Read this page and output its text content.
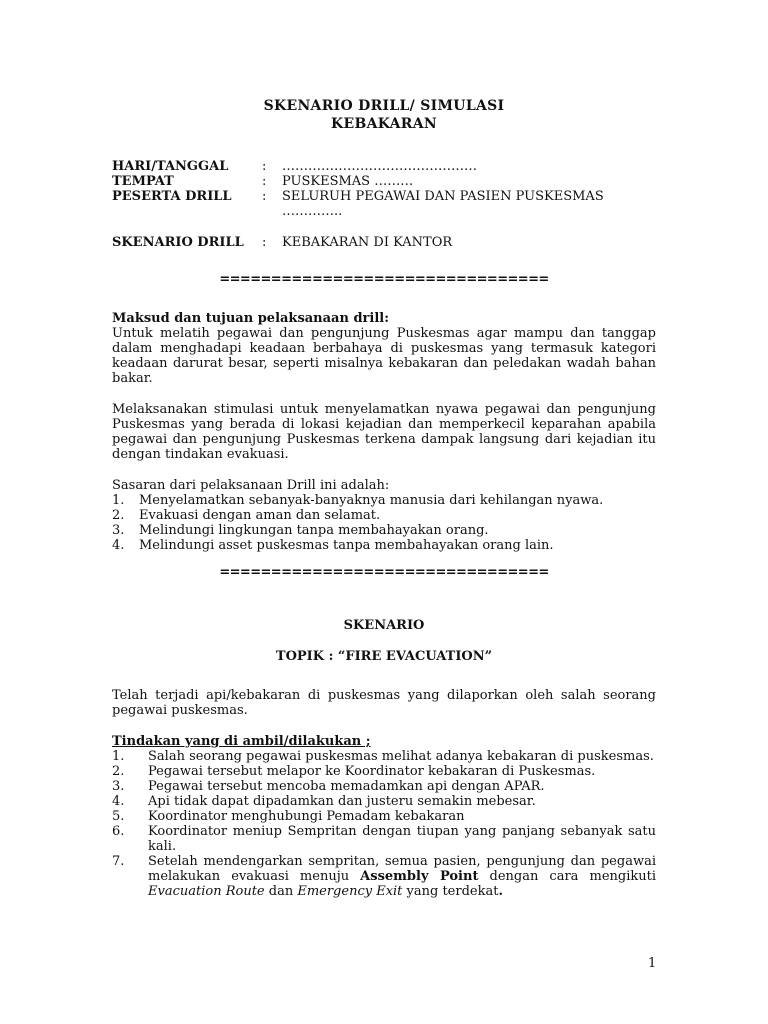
SKENARIO DRILL/ SIMULASI
KEBAKARAN
HARI/TANGGAL	:	………………………………………
TEMPAT	:	PUSKESMAS ………
PESERTA DRILL	:	SELURUH PEGAWAI DAN PASIEN PUSKESMAS
…………..
SKENARIO DRILL	:	KEBAKARAN DI KANTOR
================================
Maksud dan tujuan pelaksanaan drill:
Untuk melatih pegawai dan pengunjung Puskesmas agar mampu dan tanggap dalam menghadapi keadaan berbahaya di puskesmas yang termasuk kategori keadaan darurat besar, seperti misalnya kebakaran dan peledakan wadah bahan bakar.
Melaksanakan stimulasi untuk menyelamatkan nyawa pegawai dan pengunjung Puskesmas yang berada di lokasi kejadian dan memperkecil keparahan apabila pegawai dan pengunjung Puskesmas terkena dampak langsung dari kejadian itu dengan tindakan evakuasi.
Sasaran dari pelaksanaan Drill ini adalah:
1.	Menyelamatkan sebanyak-banyaknya manusia dari kehilangan nyawa.
2.	Evakuasi dengan aman dan selamat.
3.	Melindungi lingkungan tanpa membahayakan orang.
4.	Melindungi asset puskesmas tanpa membahayakan orang lain.
================================
SKENARIO
TOPIK : “FIRE EVACUATION”
Telah terjadi api/kebakaran di puskesmas yang dilaporkan oleh salah seorang pegawai puskesmas.
Tindakan yang di ambil/dilakukan ;
1.	Salah seorang pegawai puskesmas melihat adanya kebakaran di puskesmas.
2.	Pegawai tersebut melapor ke Koordinator kebakaran di Puskesmas.
3.	Pegawai tersebut mencoba memadamkan api dengan APAR.
4.	Api tidak dapat dipadamkan dan justeru semakin mebesar.
5.	Koordinator menghubungi Pemadam kebakaran
6.	Koordinator meniup Sempritan dengan tiupan yang panjang sebanyak satu kali.
7.	Setelah mendengarkan sempritan, semua pasien, pengunjung dan pegawai melakukan evakuasi menuju Assembly Point dengan cara mengikuti Evacuation Route dan Emergency Exit yang terdekat.
1
